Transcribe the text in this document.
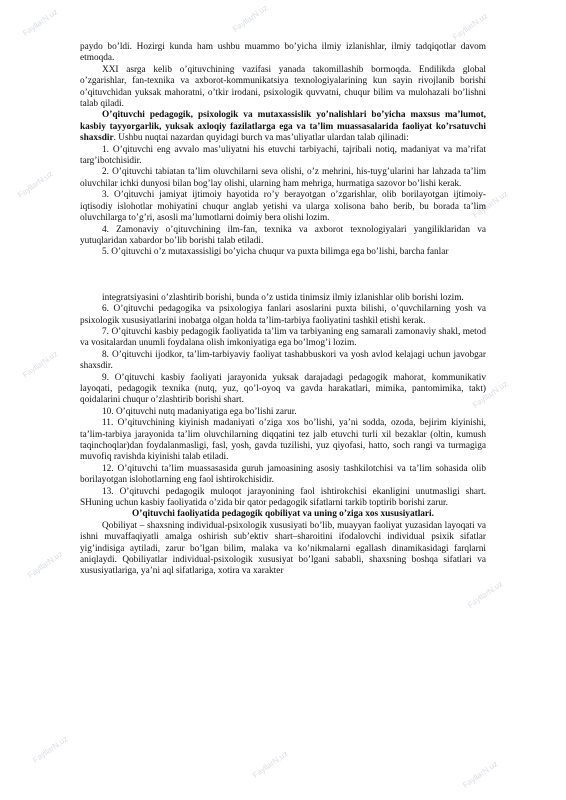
FayllarN.uz	FayllarN.uz	FayllarN.uz
FayllarN.uz
FayllarN.uz
FayllarN.uz
FayllarN.uz
FayllarN.uz
FayllarN.uz
FayllarN.uz	FayllarN.uz	FayllarN.uz

paydo bo’ldi. Hozirgi kunda ham ushbu muammo bo’yicha ilmiy izlanishlar, ilmiy tadqiqotlar davom etmoqda.

XXI asrga kelib o’qituvchining vazifasi yanada takomillashib bormoqda. Endilikda global o’zgarishlar, fan-texnika va axborot-kommunikatsiya texnologiyalarining kun sayin rivojlanib borishi o’qituvchidan yuksak mahoratni, o’tkir irodani, psixologik quvvatni, chuqur bilim va mulohazali bo’lishni talab qiladi.

O’qituvchi pedagogik, psixologik va mutaxassislik yo’nalishlari bo’yicha maxsus ma’lumot, kasbiy tayyorgarlik, yuksak axloqiy fazilatlarga ega va ta’lim muassasalarida faoliyat ko’rsatuvchi shaxsdir. Ushbu nuqtai nazardan quyidagi burch va mas’uliyatlar ulardan talab qilinadi:

1. O’qituvchi eng avvalo mas’uliyatni his etuvchi tarbiyachi, tajribali notiq, madaniyat va ma’rifat targ’ibotchisidir.

2. O’qituvchi tabiatan ta’lim oluvchilarni seva olishi, o’z mehrini, his-tuyg’ularini har lahzada ta’lim oluvchilar ichki dunyosi bilan bog’lay olishi, ularning ham mehriga, hurmatiga sazovor bo’lishi kerak.

3. O’qituvchi jamiyat ijtimoiy hayotida ro’y berayotgan o’zgarishlar, olib borilayotgan ijtimoiy-iqtisodiy islohotlar mohiyatini chuqur anglab yetishi va ularga xolisona baho berib, bu borada ta’lim oluvchilarga to’g’ri, asosli ma’lumotlarni doimiy bera olishi lozim.

4. Zamonaviy o’qituvchining ilm-fan, texnika va axborot texnologiyalari yangiliklaridan va yutuqlaridan xabardor bo’lib borishi talab etiladi.

5. O’qituvchi o’z mutaxassisligi bo’yicha chuqur va puxta bilimga ega bo’lishi, barcha fanlar

integratsiyasini o’zlashtirib borishi, bunda o’z ustida tinimsiz ilmiy izlanishlar olib borishi lozim.

6. O’qituvchi pedagogika va psixologiya fanlari asoslarini puxta bilishi, o’quvchilarning yosh va psixologik xususiyatlarini inobatga olgan holda ta’lim-tarbiya faoliyatini tashkil etishi kerak.

7. O’qituvchi kasbiy pedagogik faoliyatida ta’lim va tarbiyaning eng samarali zamonaviy shakl, metod va vositalardan unumli foydalana olish imkoniyatiga ega bo’lmog’i lozim.

8. O’qituvchi ijodkor, ta’lim-tarbiyaviy faoliyat tashabbuskori va yosh avlod kelajagi uchun javobgar shaxsdir.

9. O’qituvchi kasbiy faoliyati jarayonida yuksak darajadagi pedagogik mahorat, kommunikativ layoqati, pedagogik texnika (nutq, yuz, qo’l-oyoq va gavda harakatlari, mimika, pantomimika, takt) qoidalarini chuqur o’zlashtirib borishi shart.

10. O’qituvchi nutq madaniyatiga ega bo’lishi zarur.

11. O’qituvchining kiyinish madaniyati o’ziga xos bo’lishi, ya’ni sodda, ozoda, bejirim kiyinishi, ta’lim-tarbiya jarayonida ta’lim oluvchilarning diqqatini tez jalb etuvchi turli xil bezaklar (oltin, kumush taqinchoqlar)dan foydalanmasligi, fasl, yosh, gavda tuzilishi, yuz qiyofasi, hatto, soch rangi va turmagiga muvofiq ravishda kiyinishi talab etiladi.

12. O’qituvchi ta’lim muassasasida guruh jamoasining asosiy tashkilotchisi va ta’lim sohasida olib borilayotgan islohotlarning eng faol ishtirokchisidir.

13. O’qituvchi pedagogik muloqot jarayonining faol ishtirokchisi ekanligini unutmasligi shart. SHuning uchun kasbiy faoliyatida o’zida bir qator pedagogik sifatlarni tarkib toptirib borishi zarur.

O’qituvchi faoliyatida pedagogik qobiliyat va uning o’ziga xos xususiyatlari.

Qobiliyat – shaxsning individual-psixologik xususiyati bo’lib, muayyan faoliyat yuzasidan layoqati va ishni muvaffaqiyatli amalga oshirish sub’ektiv shart–sharoitini ifodalovchi individual psixik sifatlar yig’indisiga aytiladi, zarur bo’lgan bilim, malaka va ko’nikmalarni egallash dinamikasidagi farqlarni aniqlaydi. Qobiliyatlar individual-psixologik xususiyat bo’lgani sababli, shaxsning boshqa sifatlari va xususiyatlariga, ya’ni aql sifatlariga, xotira va xarakter
